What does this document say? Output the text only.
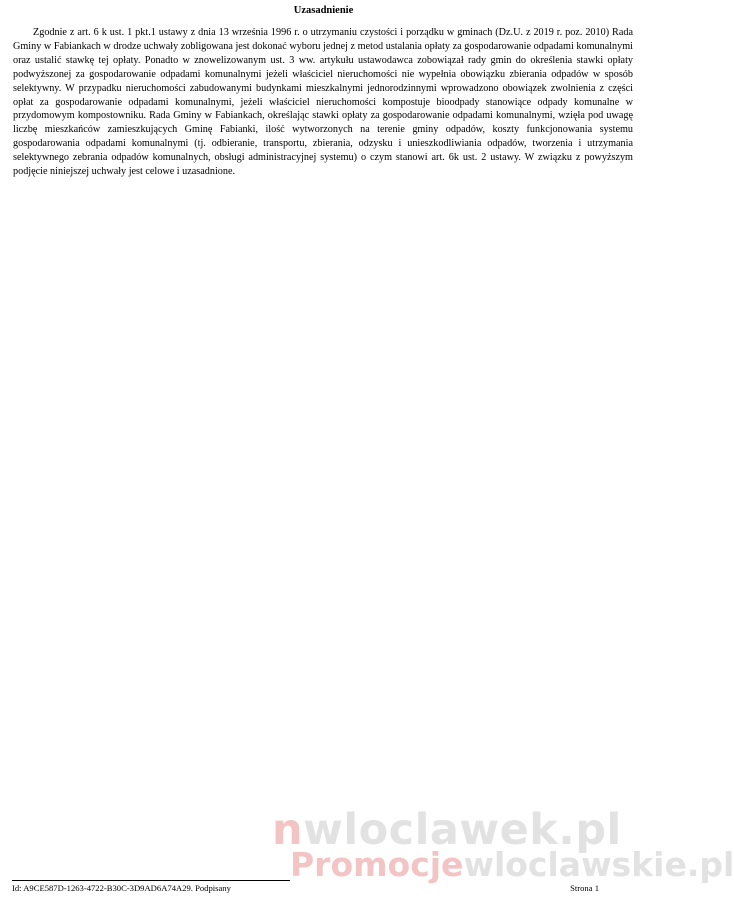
Uzasadnienie

Zgodnie z art. 6 k ust. 1 pkt.1 ustawy z dnia 13 września 1996 r. o utrzymaniu czystości i porządku w gminach (Dz.U. z 2019 r. poz. 2010) Rada Gminy w Fabiankach w drodze uchwały zobligowana jest dokonać wyboru jednej z metod ustalania opłaty za gospodarowanie odpadami komunalnymi oraz ustalić stawkę tej opłaty. Ponadto w znowelizowanym ust. 3 ww. artykułu ustawodawca zobowiązał rady gmin do określenia stawki opłaty podwyższonej za gospodarowanie odpadami komunalnymi jeżeli właściciel nieruchomości nie wypełnia obowiązku zbierania odpadów w sposób selektywny. W przypadku nieruchomości zabudowanymi budynkami mieszkalnymi jednorodzinnymi wprowadzono obowiązek zwolnienia z części opłat za gospodarowanie odpadami komunalnymi, jeżeli właściciel nieruchomości kompostuje bioodpady stanowiące odpady komunalne w przydomowym kompostowniku. Rada Gminy w Fabiankach, określając stawki opłaty za gospodarowanie odpadami komunalnymi, wzięła pod uwagę liczbę mieszkańców zamieszkujących Gminę Fabianki, ilość wytworzonych na terenie gminy odpadów, koszty funkcjonowania systemu gospodarowania odpadami komunalnymi (tj. odbieranie, transportu, zbierania, odzysku i unieszkodliwiania odpadów, tworzenia i utrzymania selektywnego zebrania odpadów komunalnych, obsługi administracyjnej systemu) o czym stanowi art. 6k ust. 2 ustawy. W związku z powyższym podjęcie niniejszej uchwały jest celowe i uzasadnione.

nwloclawek.pl
Promocjewloclawskie.pl
Id: A9CE587D-1263-4722-B30C-3D9AD6A74A29. Podpisany	Strona 1
